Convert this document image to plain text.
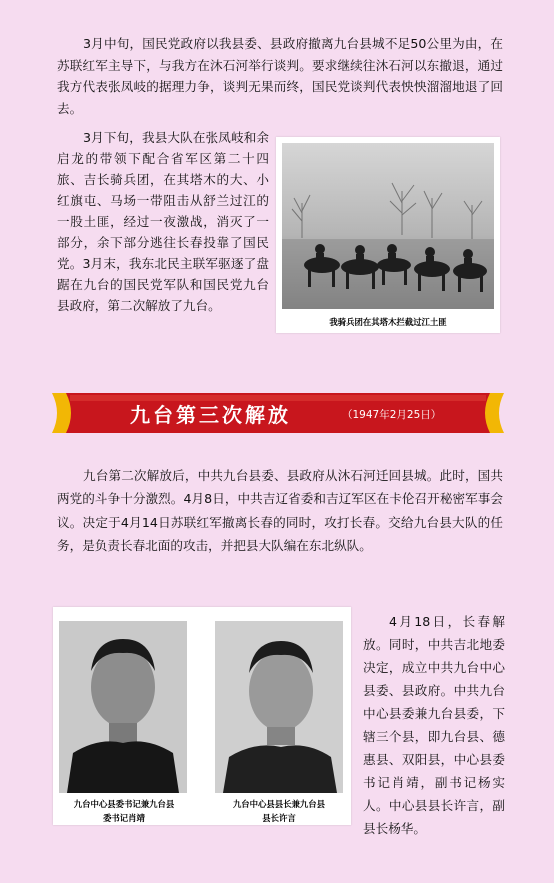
3月中旬，国民党政府以我县委、县政府撤离九台县城不足50公里为由，在苏联红军主导下，与我方在沐石河举行谈判。要求继续往沐石河以东撤退，通过我方代表张凤岐的据理力争，谈判无果而终，国民党谈判代表怏怏溜溜地退了回去。

3月下旬，我县大队在张凤岐和余启龙的带领下配合省军区第二十四旅、吉长骑兵团，在其塔木的大、小红旗屯、马场一带阻击从舒兰过江的一股土匪，经过一夜激战，消灭了一部分，余下部分逃往长春投靠了国民党。3月末，我东北民主联军驱逐了盘踞在九台的国民党军队和国民党九台县政府，第二次解放了九台。

我骑兵团在其塔木拦截过江土匪
九台第三次解放	（1947年2月25日）

九台第二次解放后，中共九台县委、县政府从沐石河迁回县城。此时，国共两党的斗争十分激烈。4月8日，中共吉辽省委和吉辽军区在卡伦召开秘密军事会议。决定于4月14日苏联红军撤离长春的同时，攻打长春。交给九台县大队的任务，是负责长春北面的攻击，并把县大队编在东北纵队。

九台中心县委书记兼九台县
委书记肖靖
九台中心县县长兼九台县
县长许言

4月18日，长春解放。同时，中共吉北地委决定，成立中共九台中心县委、县政府。中共九台中心县委兼九台县委，下辖三个县，即九台县、德惠县、双阳县，中心县委书记肖靖，副书记杨实人。中心县县长许言，副县长杨华。
